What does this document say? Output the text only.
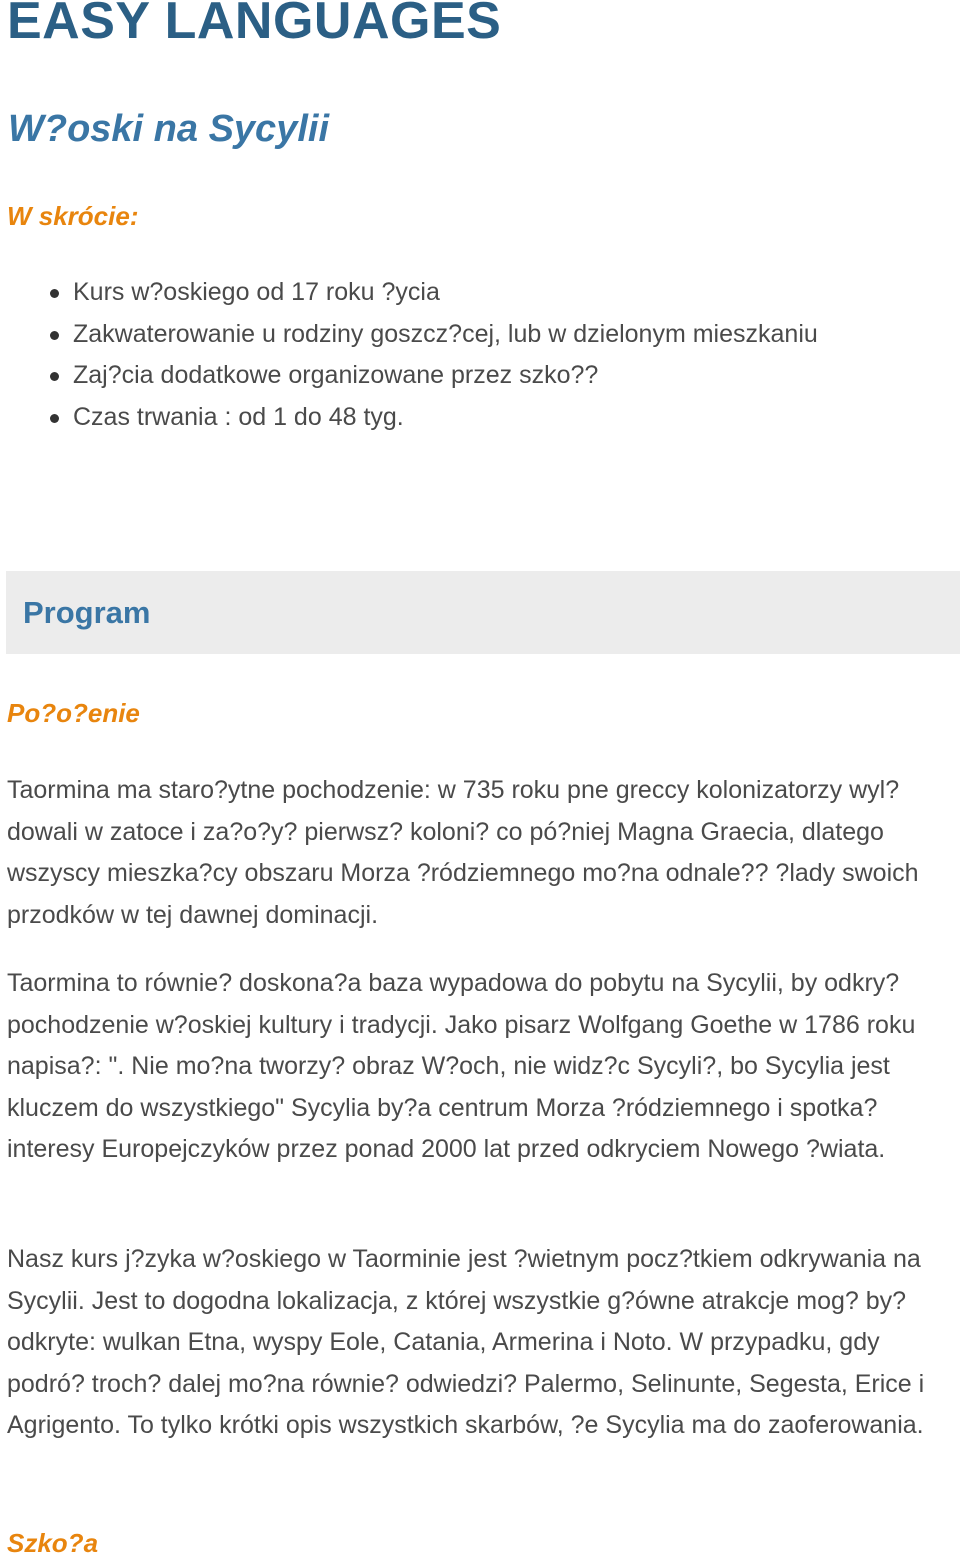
EASY LANGUAGES
W?oski na Sycylii
W skrócie:
Kurs w?oskiego od 17 roku ?ycia
Zakwaterowanie u rodziny goszcz?cej, lub w dzielonym mieszkaniu
Zaj?cia dodatkowe organizowane przez szko??
Czas trwania : od 1 do 48 tyg.
Program
Po?o?enie

Taormina ma staro?ytne pochodzenie: w 735 roku pne greccy kolonizatorzy wyl?dowali w zatoce i za?o?y? pierwsz? koloni? co pó?niej Magna Graecia, dlatego wszyscy mieszka?cy obszaru Morza ?ródziemnego mo?na odnale?? ?lady swoich przodków w tej dawnej dominacji.

Taormina to równie? doskona?a baza wypadowa do pobytu na Sycylii, by odkry? pochodzenie w?oskiej kultury i tradycji. Jako pisarz Wolfgang Goethe w 1786 roku napisa?: ". Nie mo?na tworzy? obraz W?och, nie widz?c Sycyli?, bo Sycylia jest kluczem do wszystkiego" Sycylia by?a centrum Morza ?ródziemnego i spotka? interesy Europejczyków przez ponad 2000 lat przed odkryciem Nowego ?wiata.

Nasz kurs j?zyka w?oskiego w Taorminie jest ?wietnym pocz?tkiem odkrywania na Sycylii. Jest to dogodna lokalizacja, z której wszystkie g?ówne atrakcje mog? by? odkryte: wulkan Etna, wyspy Eole, Catania, Armerina i Noto. W przypadku, gdy podró? troch? dalej mo?na równie? odwiedzi? Palermo, Selinunte, Segesta, Erice i Agrigento. To tylko krótki opis wszystkich skarbów, ?e Sycylia ma do zaoferowania.

Szko?a
